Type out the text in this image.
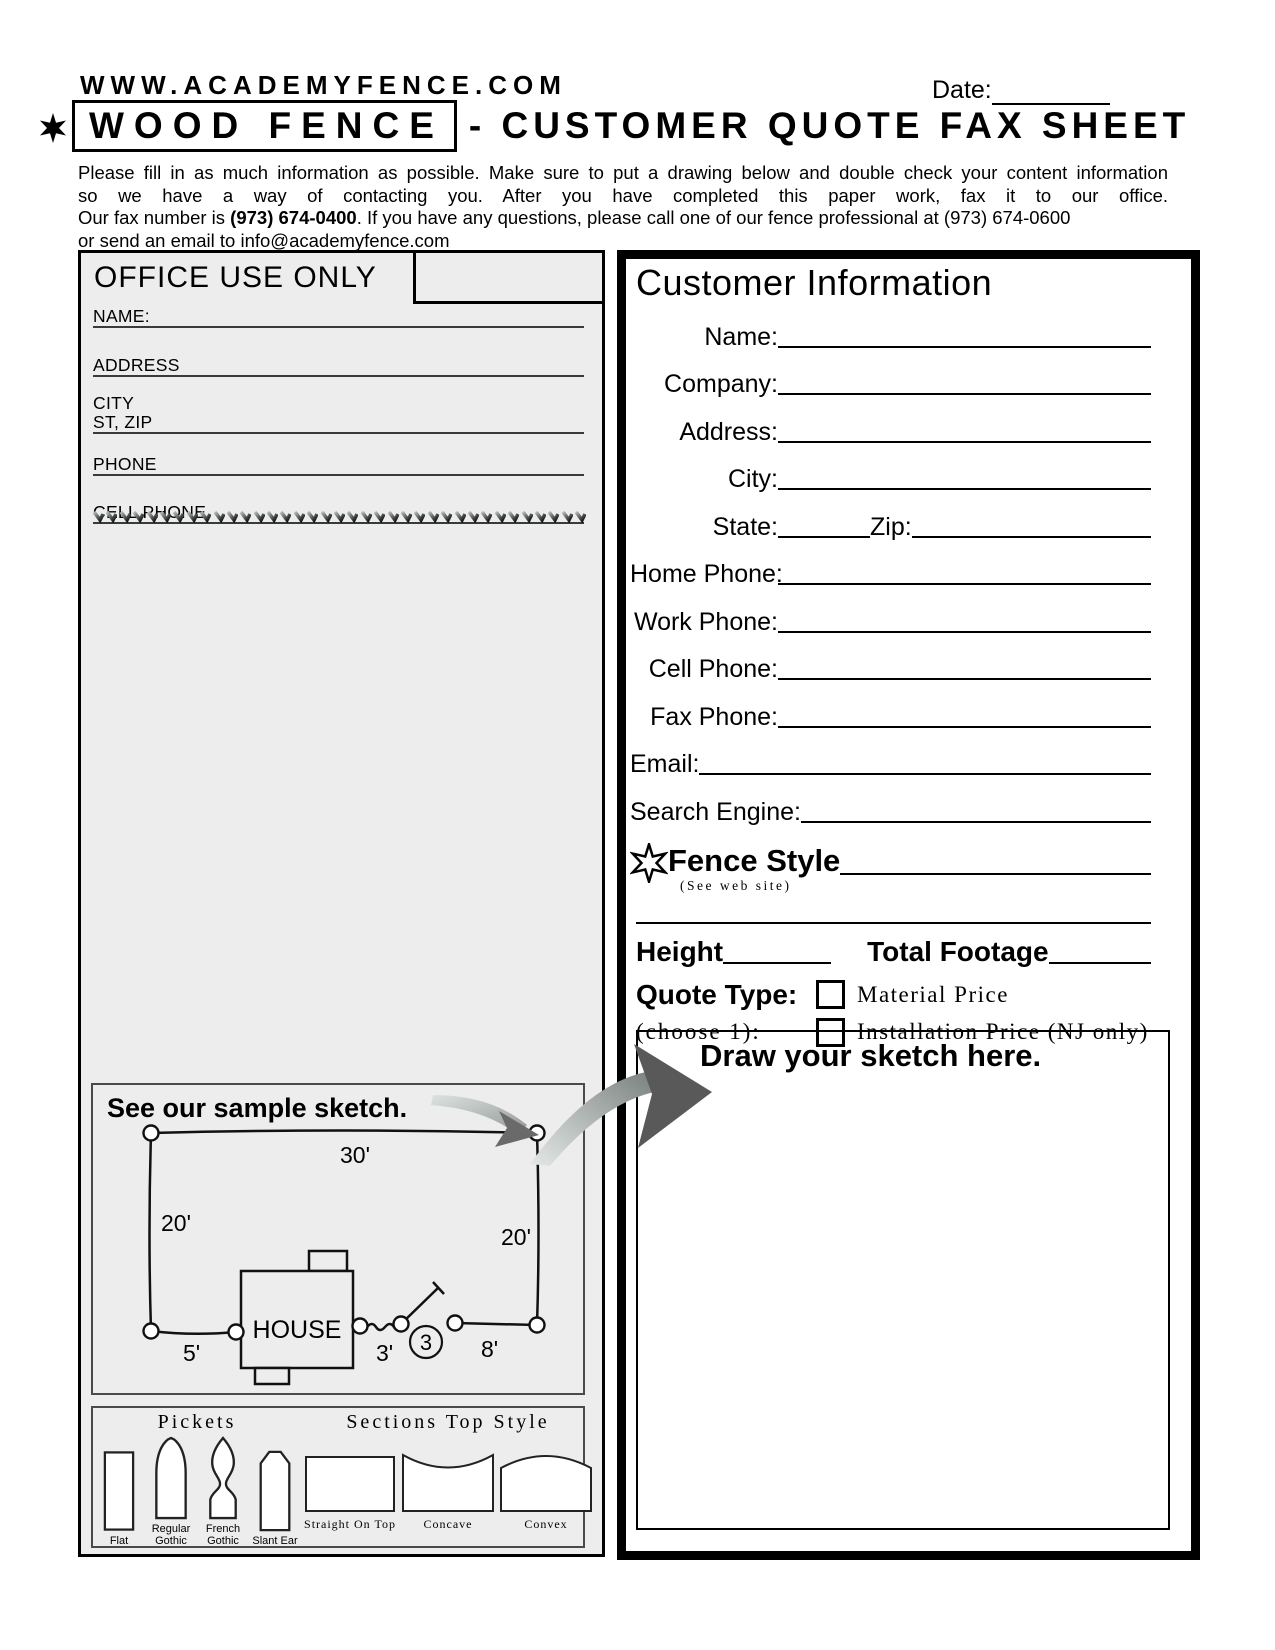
WWW.ACADEMYFENCE.COM	Date:
WOOD FENCE - CUSTOMER QUOTE FAX SHEET
Please fill in as much information as possible. Make sure to put a drawing below and double check your content information
so we have a way of contacting you. After you have completed this paper work, fax it to our office.
Our fax number is (973) 674-0400. If you have any questions, please call one of our fence professional at (973) 674-0600
or send an email to info@academyfence.com
OFFICE USE ONLY
NAME:
ADDRESS
CITY
ST, ZIP
PHONE
CELL PHONE
HOUSE	3
30'
20'
20'
5'	3'	8'
See our sample sketch.
Pickets
Flat
Regular Gothic
French Gothic	Slant Ear
Sections Top Style
Straight On Top Concave	Convex
Customer Information
Name:
Company:
Address:
City:
State:	Zip:
Home Phone:
Work Phone:
Cell Phone:
Fax Phone:
Email:
Search Engine:
Fence Style
(See web site)
Height	Total Footage
Quote Type:	Material Price
(choose 1):	Installation Price (NJ only)
Draw your sketch here.
